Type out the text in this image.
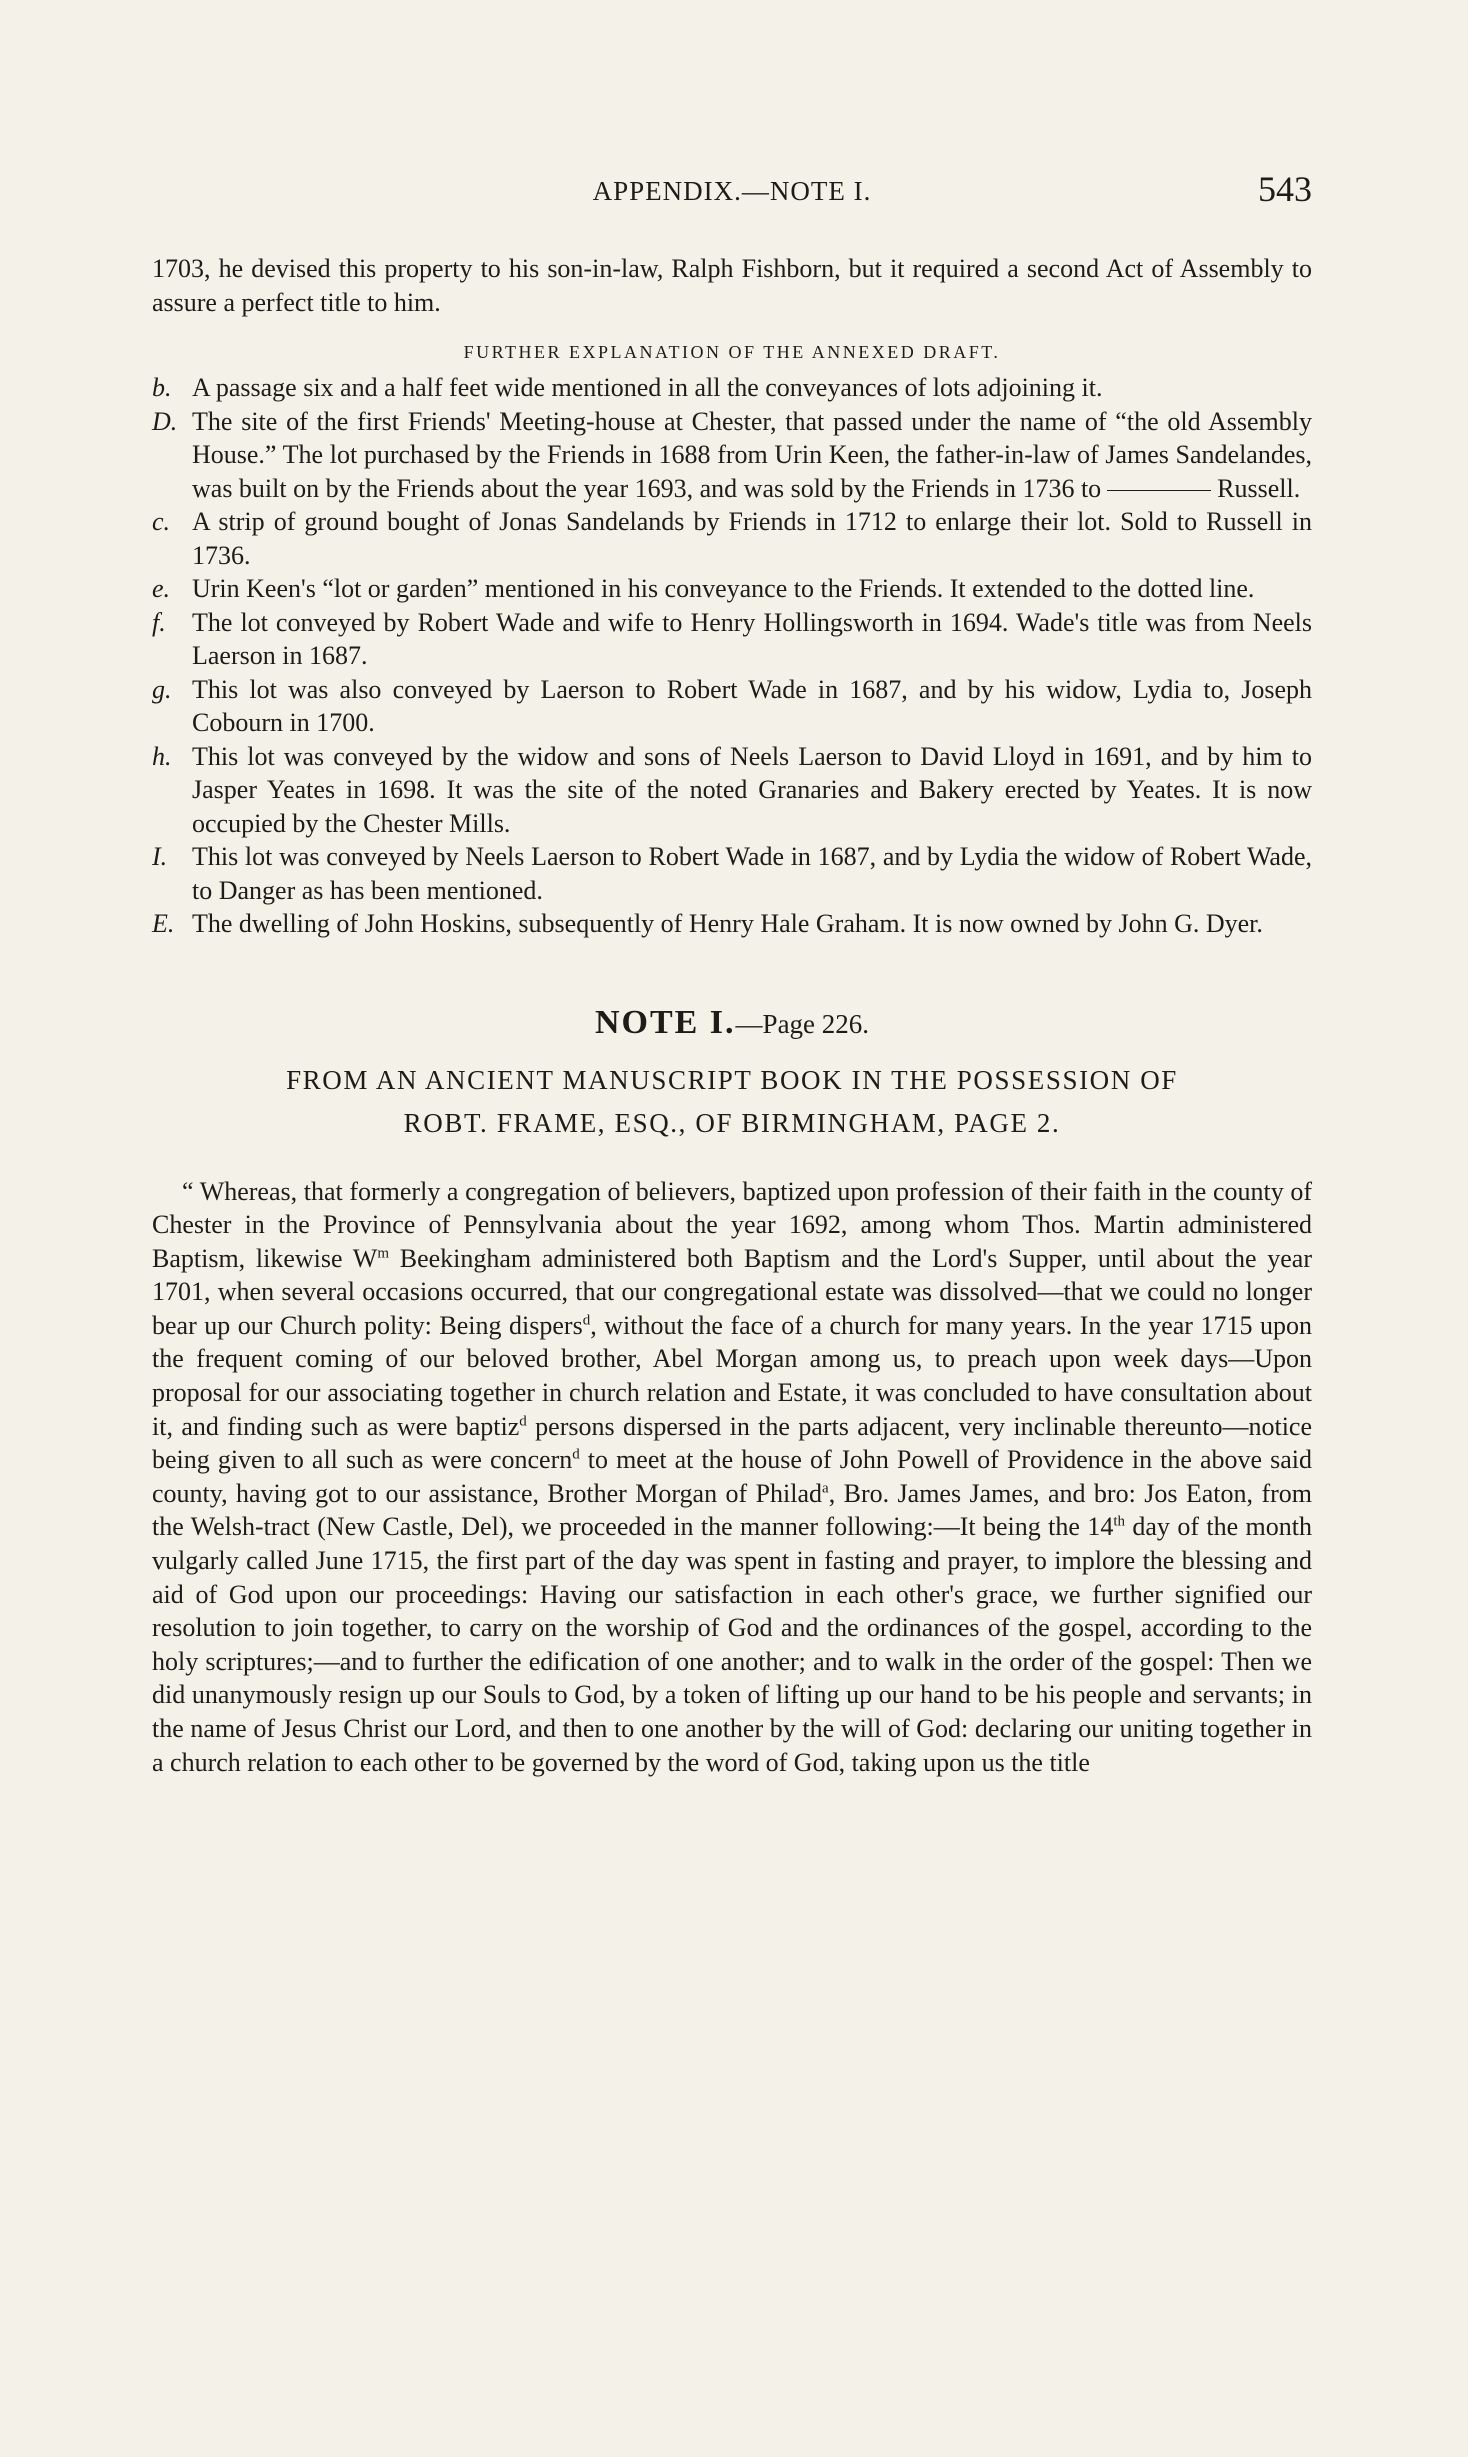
APPENDIX.—NOTE I.	543

1703, he devised this property to his son-in-law, Ralph Fishborn, but it required a second Act of Assembly to assure a perfect title to him.

FURTHER EXPLANATION OF THE ANNEXED DRAFT.
b. A passage six and a half feet wide mentioned in all the conveyances of lots adjoining it.
D. The site of the first Friends' Meeting-house at Chester, that passed under the name of “the old Assembly House.” The lot purchased by the Friends in 1688 from Urin Keen, the father-in-law of James Sandelandes, was built on by the Friends about the year 1693, and was sold by the Friends in 1736 to	Russell.
c. A strip of ground bought of Jonas Sandelands by Friends in 1712 to enlarge their lot. Sold to Russell in 1736.
e. Urin Keen's “lot or garden” mentioned in his conveyance to the Friends. It extended to the dotted line.
f. The lot conveyed by Robert Wade and wife to Henry Hollingsworth in 1694. Wade's title was from Neels Laerson in 1687.
g. This lot was also conveyed by Laerson to Robert Wade in 1687, and by his widow, Lydia to, Joseph Cobourn in 1700.
h. This lot was conveyed by the widow and sons of Neels Laerson to David Lloyd in 1691, and by him to Jasper Yeates in 1698. It was the site of the noted Granaries and Bakery erected by Yeates. It is now occupied by the Chester Mills.
I. This lot was conveyed by Neels Laerson to Robert Wade in 1687, and by Lydia the widow of Robert Wade, to Danger as has been mentioned.
E. The dwelling of John Hoskins, subsequently of Henry Hale Graham. It is now owned by John G. Dyer.
NOTE I.—Page 226.
FROM AN ANCIENT MANUSCRIPT BOOK IN THE POSSESSION OF
ROBT. FRAME, ESQ., OF BIRMINGHAM, PAGE 2.

“ Whereas, that formerly a congregation of believers, baptized upon profession of their faith in the county of Chester in the Province of Pennsylvania about the year 1692, among whom Thos. Martin administered Baptism, likewise $W^m$ Beekingham administered both Baptism and the Lord's Supper, until about the year 1701, when several occasions occurred, that our congregational estate was dissolved—that we could no longer bear up our Church polity: Being dispers$^d$, without the face of a church for many years. In the year 1715 upon the frequent coming of our beloved brother, Abel Morgan among us, to preach upon week days—Upon proposal for our associating together in church relation and Estate, it was concluded to have consultation about it, and finding such as were baptiz$^d$ persons dispersed in the parts adjacent, very inclinable thereunto—notice being given to all such as were concern$^d$ to meet at the house of John Powell of Providence in the above said county, having got to our assistance, Brother Morgan of Philad$^a$, Bro. James James, and bro: Jos Eaton, from the Welsh-tract (New Castle, Del), we proceeded in the manner following:—It being the 14th day of the month vulgarly called June 1715, the first part of the day was spent in fasting and prayer, to implore the blessing and aid of God upon our proceedings: Having our satisfaction in each other's grace, we further signified our resolution to join together, to carry on the worship of God and the ordinances of the gospel, according to the holy scriptures;—and to further the edification of one another; and to walk in the order of the gospel: Then we did unanymously resign up our Souls to God, by a token of lifting up our hand to be his people and servants; in the name of Jesus Christ our Lord, and then to one another by the will of God: declaring our uniting together in a church relation to each other to be governed by the word of God, taking upon us the title
